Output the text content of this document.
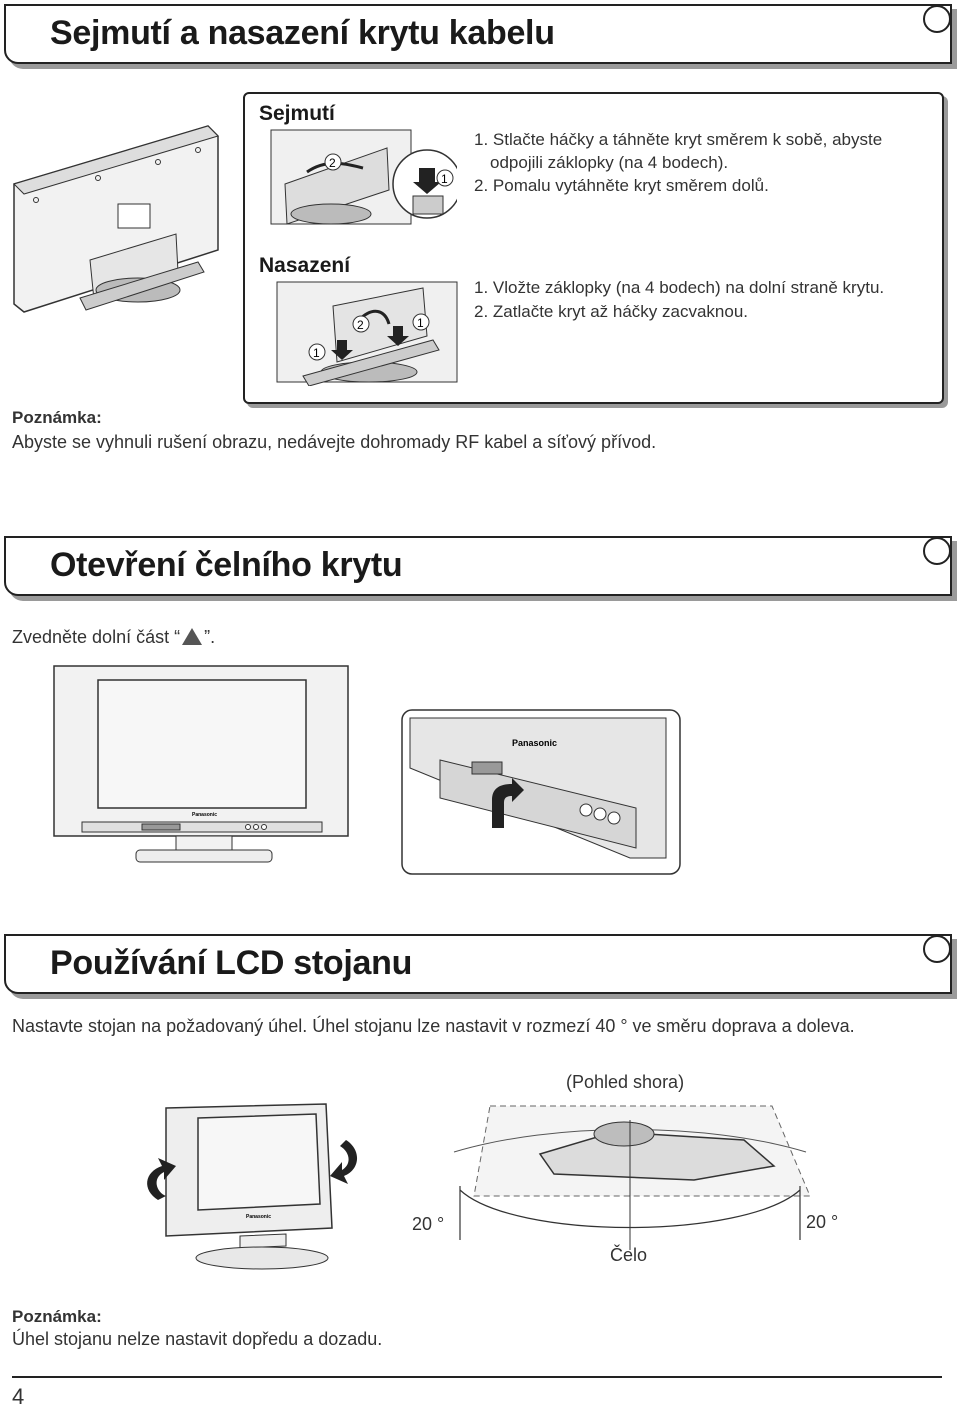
Sejmutí a nasazení krytu kabelu
Sejmutí
1. Stlačte háčky a táhněte kryt směrem k sobě, abyste
odpojili záklopky (na 4 bodech).
2. Pomalu vytáhněte kryt směrem dolů.
Nasazení
1. Vložte záklopky (na 4 bodech) na dolní straně krytu.
2. Zatlačte kryt až háčky zacvaknou.
2
1
1
2	1
Poznámka:
Abyste se vyhnuli rušení obrazu, nedávejte dohromady RF kabel a síťový přívod.
Otevření čelního krytu
Zvedněte dolní část “ ”.
Panasonic
Panasonic
Používání LCD stojanu
Nastavte stojan na požadovaný úhel. Úhel stojanu lze nastavit v rozmezí 40 ° ve směru doprava a doleva.
Panasonic
(Pohled shora)
20 °	20 °
Čelo
Poznámka:
Úhel stojanu nelze nastavit dopředu a dozadu.
4
